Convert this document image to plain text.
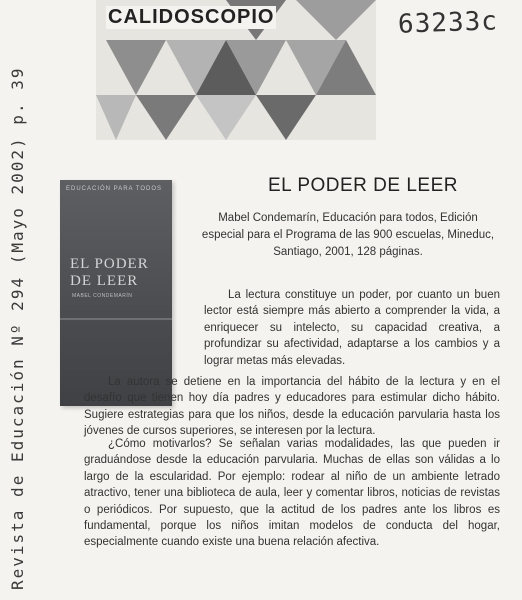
CALIDOSCOPIO	63233c
Revista de Educación Nº 294 (Mayo 2002) p. 39	EDUCACIÓN PARA TODOS
EL PODER DE LEER
MABEL CONDEMARÍN
EL PODER DE LEER
Mabel Condemarín, Educación para todos, Edición especial para el Programa de las 900 escuelas, Mineduc, Santiago, 2001, 128 páginas.

La lectura constituye un poder, por cuanto un buen lector está siempre más abierto a comprender la vida, a enriquecer su intelecto, su capacidad creativa, a profundizar su afectividad, adaptarse a los cambios y a lograr metas más elevadas.

La autora se detiene en la importancia del hábito de la lectura y en el desafío que tienen hoy día padres y educadores para estimular dicho hábito. Sugiere estrategias para que los niños, desde la educación parvularia hasta los jóvenes de cursos superiores, se interesen por la lectura.

¿Cómo motivarlos? Se señalan varias modalidades, las que pueden ir graduándose desde la educación parvularia. Muchas de ellas son válidas a lo largo de la escularidad. Por ejemplo: rodear al niño de un ambiente letrado atractivo, tener una biblioteca de aula, leer y comentar libros, noticias de revistas o periódicos. Por supuesto, que la actitud de los padres ante los libros es fundamental, porque los niños imitan modelos de conducta del hogar, especialmente cuando existe una buena relación afectiva.
